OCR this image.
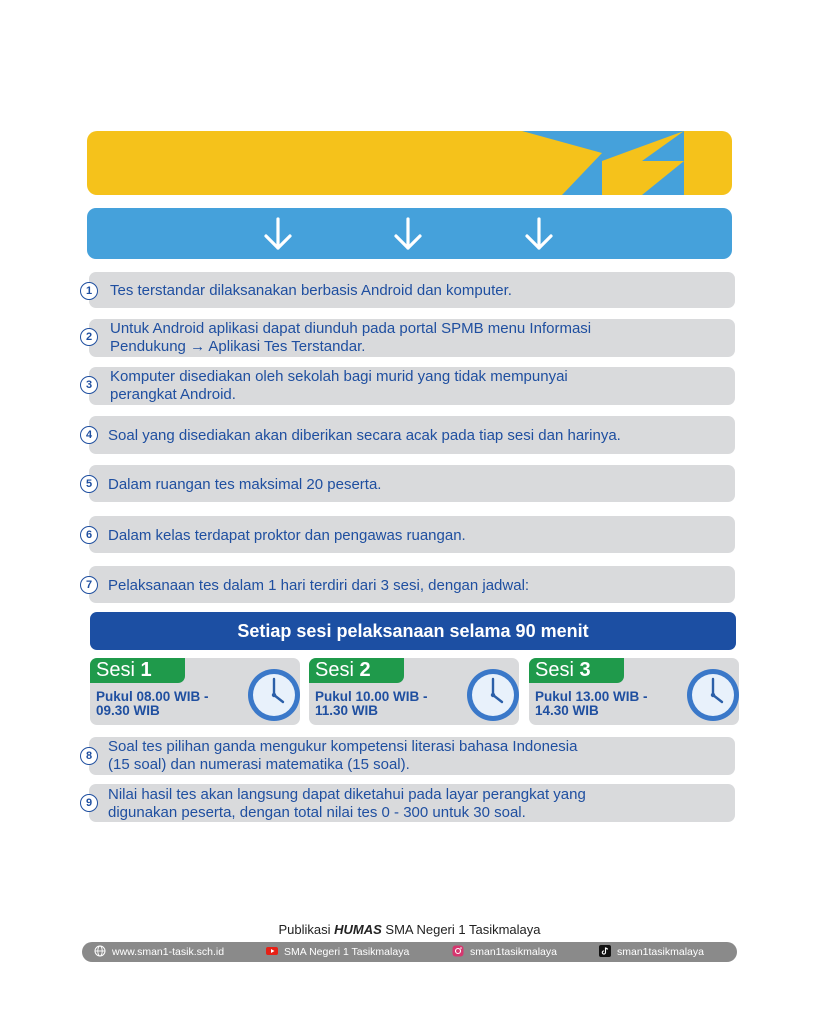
1	Tes terstandar dilaksanakan berbasis Android dan komputer.
2	Untuk Android aplikasi dapat diunduh pada portal SPMB menu Informasi
Pendukung → Aplikasi Tes Terstandar.
3	Komputer disediakan oleh sekolah bagi murid yang tidak mempunyai
perangkat Android.
4	Soal yang disediakan akan diberikan secara acak pada tiap sesi dan harinya.
5	Dalam ruangan tes maksimal 20 peserta.
6	Dalam kelas terdapat proktor dan pengawas ruangan.
7	Pelaksanaan tes dalam 1 hari terdiri dari 3 sesi, dengan jadwal:
Setiap sesi pelaksanaan selama 90 menit
Sesi 1
Pukul 08.00 WIB -
09.30 WIB
Sesi 2
Pukul 10.00 WIB -
11.30 WIB
Sesi 3
Pukul 13.00 WIB -
14.30 WIB
8
Soal tes pilihan ganda mengukur kompetensi literasi bahasa Indonesia
(15 soal) dan numerasi matematika (15 soal).
9	Nilai hasil tes akan langsung dapat diketahui pada layar perangkat yang
digunakan peserta, dengan total nilai tes 0 - 300 untuk 30 soal.
Publikasi HUMAS SMA Negeri 1 Tasikmalaya
www.sman1-tasik.sch.id	SMA Negeri 1 Tasikmalaya	sman1tasikmalaya	sman1tasikmalaya
